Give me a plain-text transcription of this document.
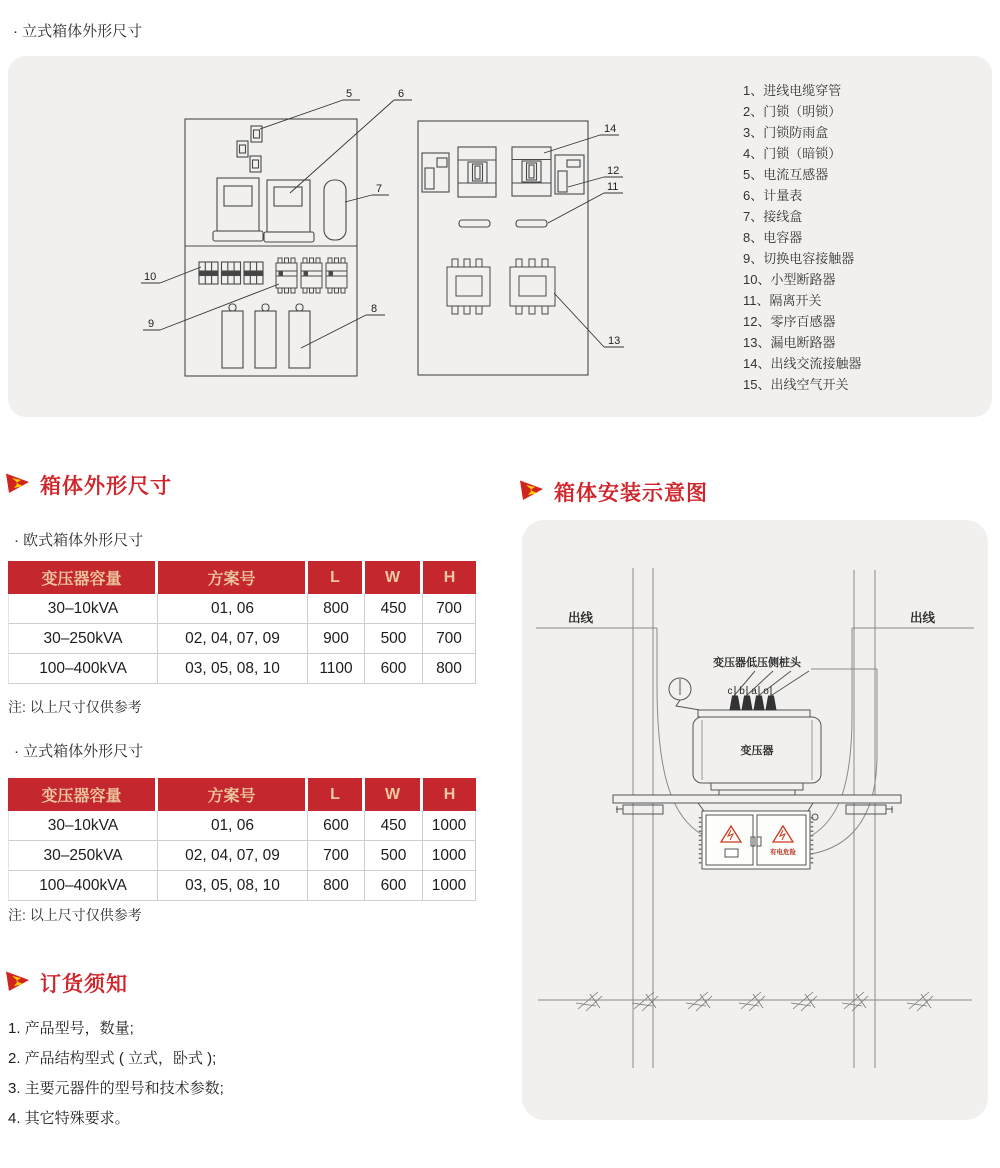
· 立式箱体外形尺寸
5	6
7
10
9
8
14
12
11
13
1、进线电缆穿管
2、门锁（明锁）
3、门锁防雨盒
4、门锁（暗锁）
5、电流互感器
6、计量表
7、接线盒
8、电容器
9、切换电容接触器
10、小型断路器
11、隔离开关
12、零序百感器
13、漏电断路器
14、出线交流接触器
15、出线空气开关
箱体外形尺寸
· 欧式箱体外形尺寸
变压器容量	方案号	L	W	H
30–10kVA	01, 06	800	450	700
30–250kVA	02, 04, 07, 09	900	500	700
100–400kVA	03, 05, 08, 10	1100	600	800
注: 以上尺寸仅供参考
· 立式箱体外形尺寸
变压器容量	方案号	L	W	H
30–10kVA	01, 06	600	450	1000
30–250kVA	02, 04, 07, 09	700	500	1000
100–400kVA	03, 05, 08, 10	800	600	1000
注: 以上尺寸仅供参考
订货须知
1. 产品型号，数量;
2. 产品结构型式 ( 立式，卧式 );
3. 主要元器件的型号和技术参数;
4. 其它特殊要求。
箱体安装示意图
出线	出线
变压器低压侧桩头
c b a o
变压器
有电危险
